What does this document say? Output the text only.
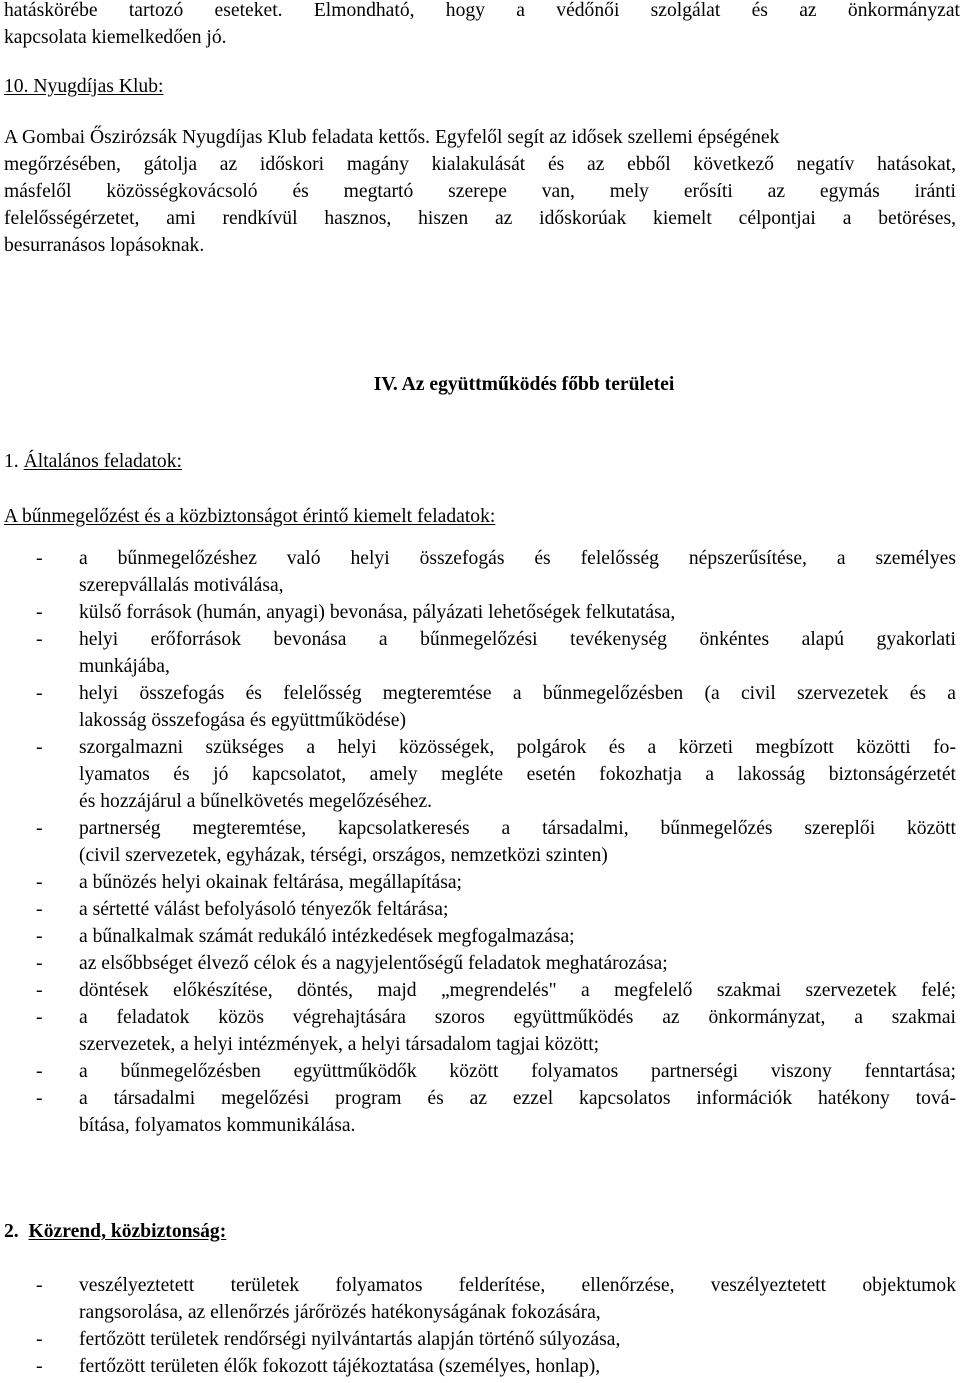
hatáskörébe tartozó eseteket. Elmondható, hogy a védőnői szolgálat és az önkormányzat
kapcsolata kiemelkedően jó.
10. Nyugdíjas Klub:
A Gombai Őszirózsák Nyugdíjas Klub feladata kettős. Egyfelől segít az idősek szellemi épségének
megőrzésében, gátolja az időskori magány kialakulását és az ebből következő negatív hatásokat,
másfelől közösségkovácsoló és megtartó szerepe van, mely erősíti az egymás iránti
felelősségérzetet, ami rendkívül hasznos, hiszen az időskorúak kiemelt célpontjai a betöréses,
besurranásos lopásoknak.
IV. Az együttműködés főbb területei
1. Általános feladatok:
A bűnmegelőzést és a közbiztonságot érintő kiemelt feladatok:
- a bűnmegelőzéshez való helyi összefogás és felelősség népszerűsítése, a személyes
szerepvállalás motiválása,
- külső források (humán, anyagi) bevonása, pályázati lehetőségek felkutatása,
- helyi erőforrások bevonása a bűnmegelőzési tevékenység önkéntes alapú gyakorlati
munkájába,
- helyi összefogás és felelősség megteremtése a bűnmegelőzésben (a civil szervezetek és a
lakosság összefogása és együttműködése)
- szorgalmazni szükséges a helyi közösségek, polgárok és a körzeti megbízott közötti fo-
lyamatos és jó kapcsolatot, amely megléte esetén fokozhatja a lakosság biztonságérzetét
és hozzájárul a bűnelkövetés megelőzéséhez.
- partnerség megteremtése, kapcsolatkeresés a társadalmi, bűnmegelőzés szereplői között
(civil szervezetek, egyházak, térségi, országos, nemzetközi szinten)
- a bűnözés helyi okainak feltárása, megállapítása;
- a sértetté válást befolyásoló tényezők feltárása;
- a bűnalkalmak számát redukáló intézkedések megfogalmazása;
- az elsőbbséget élvező célok és a nagyjelentőségű feladatok meghatározása;
- döntések előkészítése, döntés, majd „megrendelés" a megfelelő szakmai szervezetek felé;
- a feladatok közös végrehajtására szoros együttműködés az önkormányzat, a szakmai
szervezetek, a helyi intézmények, a helyi társadalom tagjai között;
- a bűnmegelőzésben együttműködők között folyamatos partnerségi viszony fenntartása;
- a társadalmi megelőzési program és az ezzel kapcsolatos információk hatékony tová-
bítása, folyamatos kommunikálása.
2. Közrend, közbiztonság:
- veszélyeztetett területek folyamatos felderítése, ellenőrzése, veszélyeztetett objektumok
rangsorolása, az ellenőrzés járőrözés hatékonyságának fokozására,
- fertőzött területek rendőrségi nyilvántartás alapján történő súlyozása,
- fertőzött területen élők fokozott tájékoztatása (személyes, honlap),
